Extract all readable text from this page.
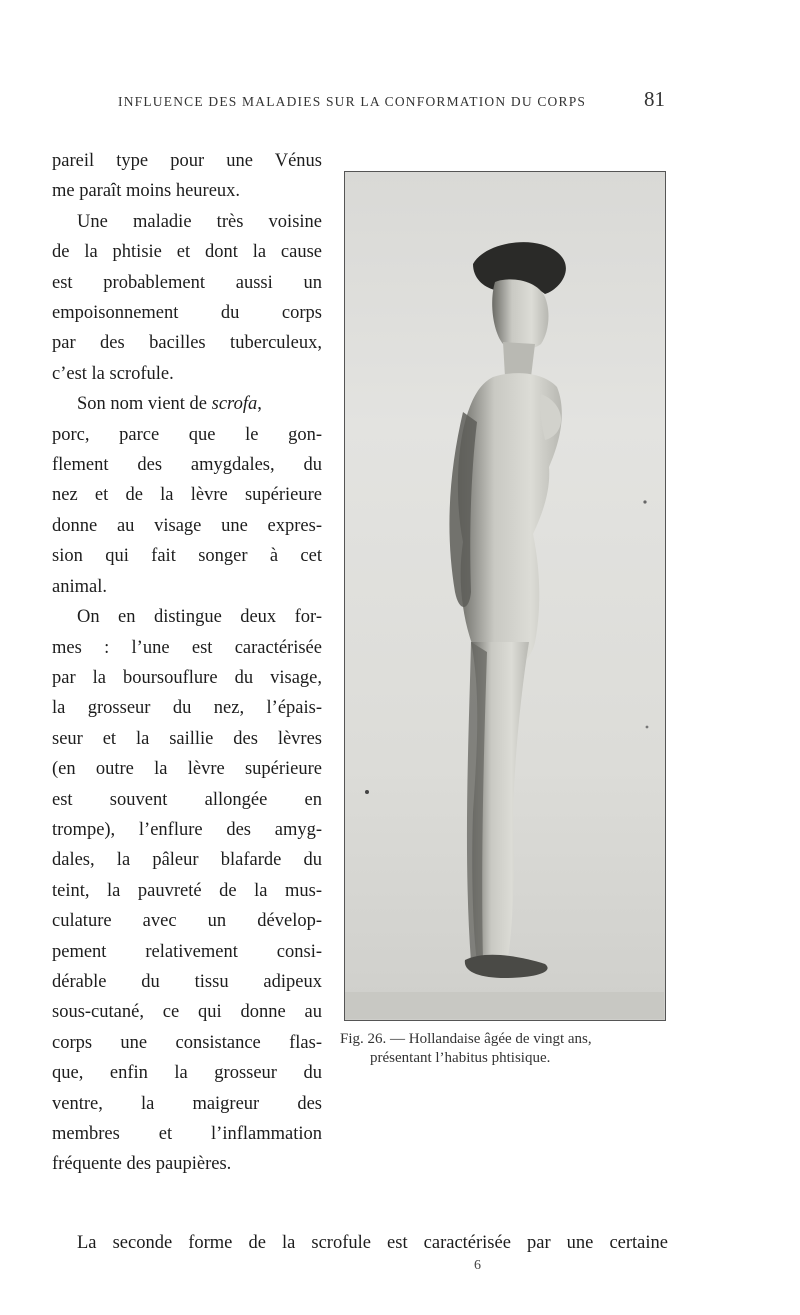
INFLUENCE DES MALADIES SUR LA CONFORMATION DU CORPS	81
pareil type pour une Vénus
me paraît moins heureux.
Une maladie très voisine
de la phtisie et dont la cause
est probablement aussi un
empoisonnement du corps
par des bacilles tuberculeux,
c’est la scrofule.
Son nom vient de scrofa,
porc, parce que le gon-
flement des amygdales, du
nez et de la lèvre supérieure
donne au visage une expres-
sion qui fait songer à cet
animal.
On en distingue deux for-
mes : l’une est caractérisée
par la boursouflure du visage,
la grosseur du nez, l’épais-
seur et la saillie des lèvres
(en outre la lèvre supérieure
est souvent allongée en
trompe), l’enflure des amyg-
dales, la pâleur blafarde du
teint, la pauvreté de la mus-
culature avec un dévelop-
pement relativement consi-
dérable du tissu adipeux
sous-cutané, ce qui donne au
corps une consistance flas-
que, enfin la grosseur du
ventre, la maigreur des
membres et l’inflammation
fréquente des paupières.
Fig. 26. — Hollandaise âgée de vingt ans,
présentant l’habitus phtisique.
La seconde forme de la scrofule est caractérisée par une certaine
6
